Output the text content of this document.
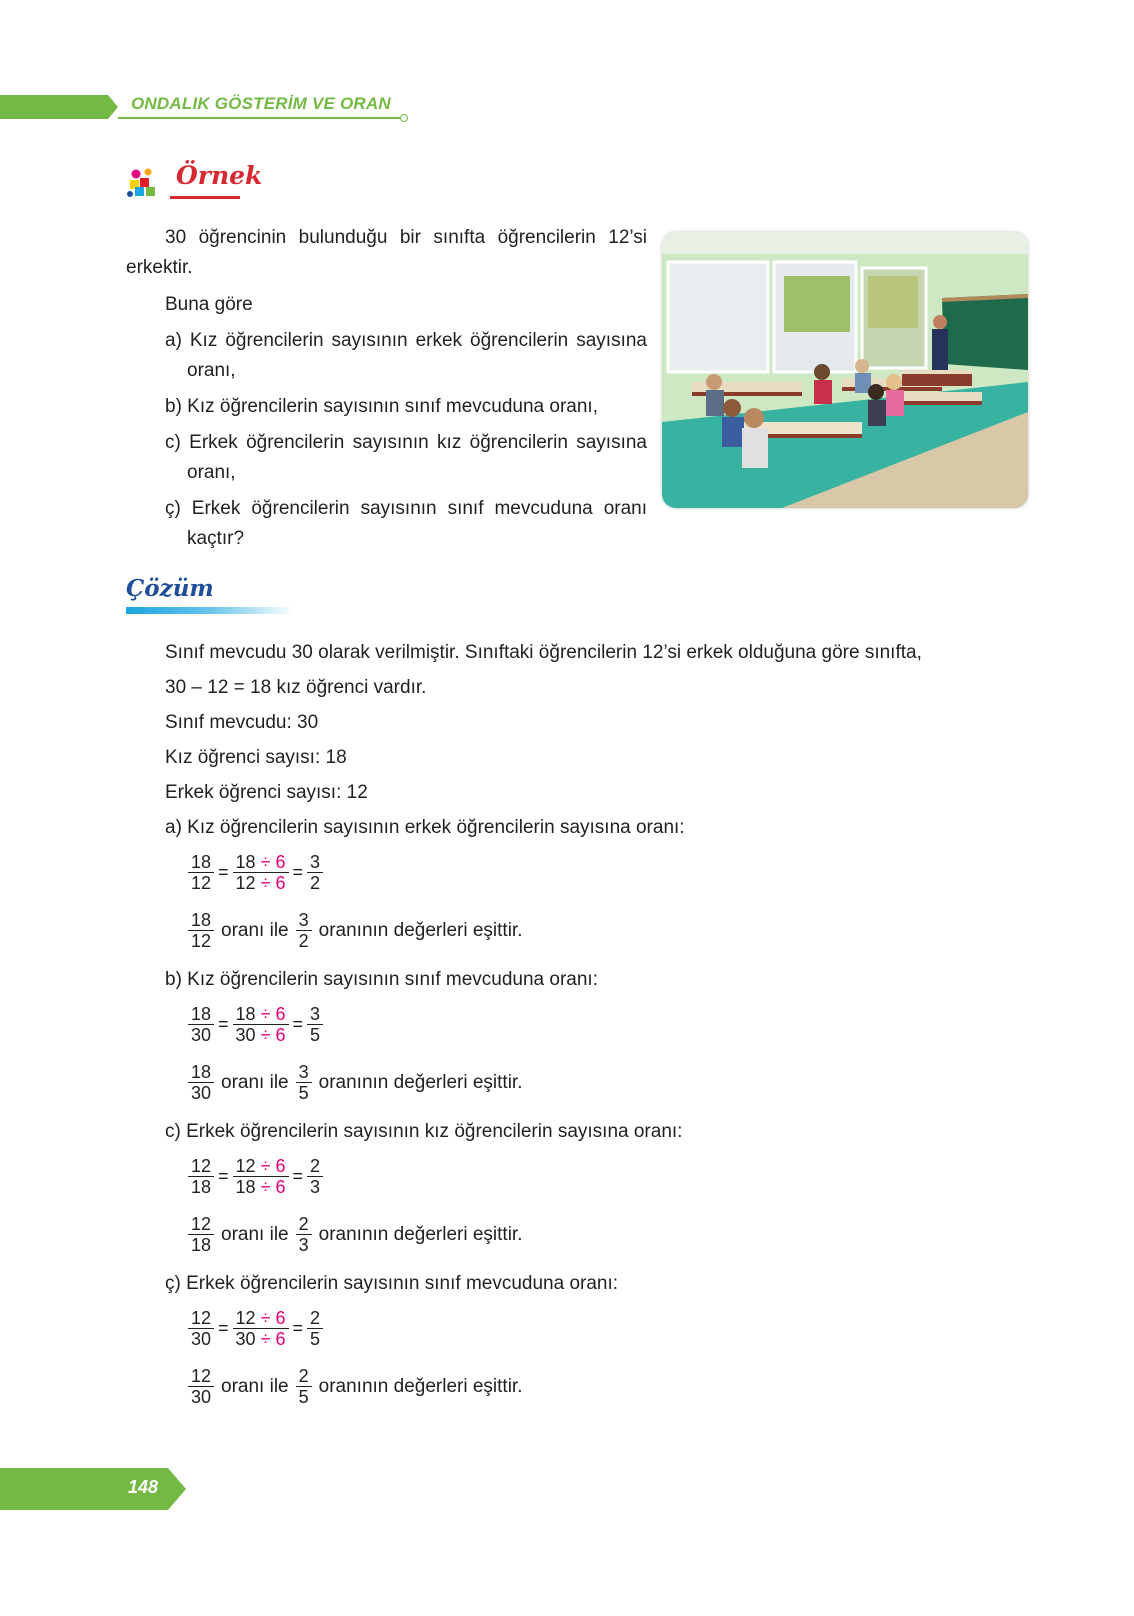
ONDALIK GÖSTERİM VE ORAN
Örnek
30 öğrencinin bulunduğu bir sınıfta öğrencilerin 12’si
erkektir.
Buna göre
a) Kız öğrencilerin sayısının erkek öğrencilerin sayısına
oranı,
b) Kız öğrencilerin sayısının sınıf mevcuduna oranı,
c) Erkek öğrencilerin sayısının kız öğrencilerin sayısına
oranı,
ç) Erkek öğrencilerin sayısının sınıf mevcuduna oranı
kaçtır?
Çözüm
Sınıf mevcudu 30 olarak verilmiştir. Sınıftaki öğrencilerin 12’si erkek olduğuna göre sınıfta,
30 – 12 = 18 kız öğrenci vardır.
Sınıf mevcudu: 30
Kız öğrenci sayısı: 18
Erkek öğrenci sayısı: 12
a) Kız öğrencilerin sayısının erkek öğrencilerin sayısına oranı:
$\frac{18}{12} = \frac{18 \div 6}{12 \div 6} = \frac{3}{2}$
$\frac{18}{12}$ oranı ile $\frac{3}{2}$ oranının değerleri eşittir.
b) Kız öğrencilerin sayısının sınıf mevcuduna oranı:
$\frac{18}{30} = \frac{18 \div 6}{30 \div 6} = \frac{3}{5}$
$\frac{18}{30}$ oranı ile $\frac{3}{5}$ oranının değerleri eşittir.
c) Erkek öğrencilerin sayısının kız öğrencilerin sayısına oranı:
$\frac{12}{18} = \frac{12 \div 6}{18 \div 6} = \frac{2}{3}$
$\frac{12}{18}$ oranı ile $\frac{2}{3}$ oranının değerleri eşittir.
ç) Erkek öğrencilerin sayısının sınıf mevcuduna oranı:
$\frac{12}{30} = \frac{12 \div 6}{30 \div 6} = \frac{2}{5}$
$\frac{12}{30}$ oranı ile $\frac{2}{5}$ oranının değerleri eşittir.
148
